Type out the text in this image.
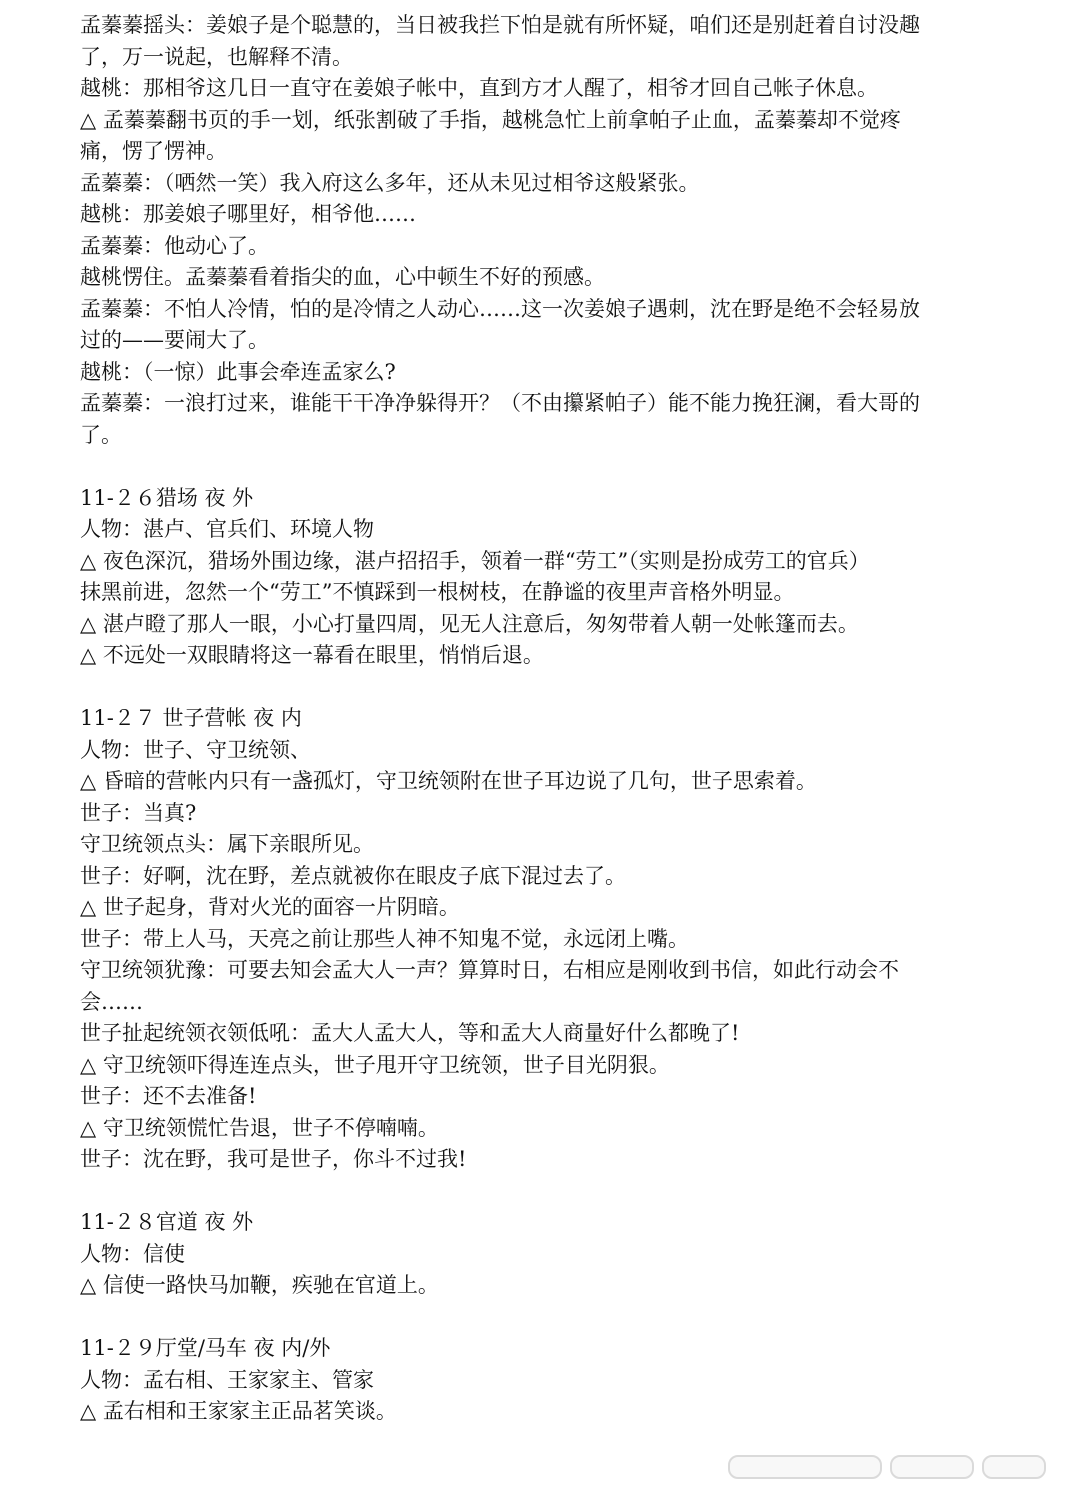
孟蓁蓁摇头：姜娘子是个聪慧的，当日被我拦下怕是就有所怀疑，咱们还是别赶着自讨没趣
了，万一说起，也解释不清。
越桃：那相爷这几日一直守在姜娘子帐中，直到方才人醒了，相爷才回自己帐子休息。
△ 孟蓁蓁翻书页的手一划，纸张割破了手指，越桃急忙上前拿帕子止血，孟蓁蓁却不觉疼
痛，愣了愣神。
孟蓁蓁：（哂然一笑）我入府这么多年，还从未见过相爷这般紧张。
越桃：那姜娘子哪里好，相爷他……
孟蓁蓁：他动心了。
越桃愣住。孟蓁蓁看着指尖的血，心中顿生不好的预感。
孟蓁蓁：不怕人冷情，怕的是冷情之人动心……这一次姜娘子遇刺，沈在野是绝不会轻易放
过的——要闹大了。
越桃：（一惊）此事会牵连孟家么?
孟蓁蓁：一浪打过来，谁能干干净净躲得开？（不由攥紧帕子）能不能力挽狂澜，看大哥的
了。
11-２６猎场 夜 外
人物：湛卢、官兵们、环境人物
△ 夜色深沉，猎场外围边缘，湛卢招招手，领着一群“劳工”（实则是扮成劳工的官兵）
抹黑前进，忽然一个“劳工”不慎踩到一根树枝，在静谧的夜里声音格外明显。
△ 湛卢瞪了那人一眼，小心打量四周，见无人注意后，匆匆带着人朝一处帐篷而去。
△ 不远处一双眼睛将这一幕看在眼里，悄悄后退。
11-２７ 世子营帐 夜 内
人物：世子、守卫统领、
△ 昏暗的营帐内只有一盏孤灯，守卫统领附在世子耳边说了几句，世子思索着。
世子：当真?
守卫统领点头：属下亲眼所见。
世子：好啊，沈在野，差点就被你在眼皮子底下混过去了。
△ 世子起身，背对火光的面容一片阴暗。
世子：带上人马，天亮之前让那些人神不知鬼不觉，永远闭上嘴。
守卫统领犹豫：可要去知会孟大人一声？算算时日，右相应是刚收到书信，如此行动会不
会……
世子扯起统领衣领低吼：孟大人孟大人，等和孟大人商量好什么都晚了!
△ 守卫统领吓得连连点头，世子甩开守卫统领，世子目光阴狠。
世子：还不去准备!
△ 守卫统领慌忙告退，世子不停喃喃。
世子：沈在野，我可是世子，你斗不过我!
11-２８官道 夜 外
人物：信使
△ 信使一路快马加鞭，疾驰在官道上。
11-２９厅堂/马车 夜 内/外
人物：孟右相、王家家主、管家
△ 孟右相和王家家主正品茗笑谈。
